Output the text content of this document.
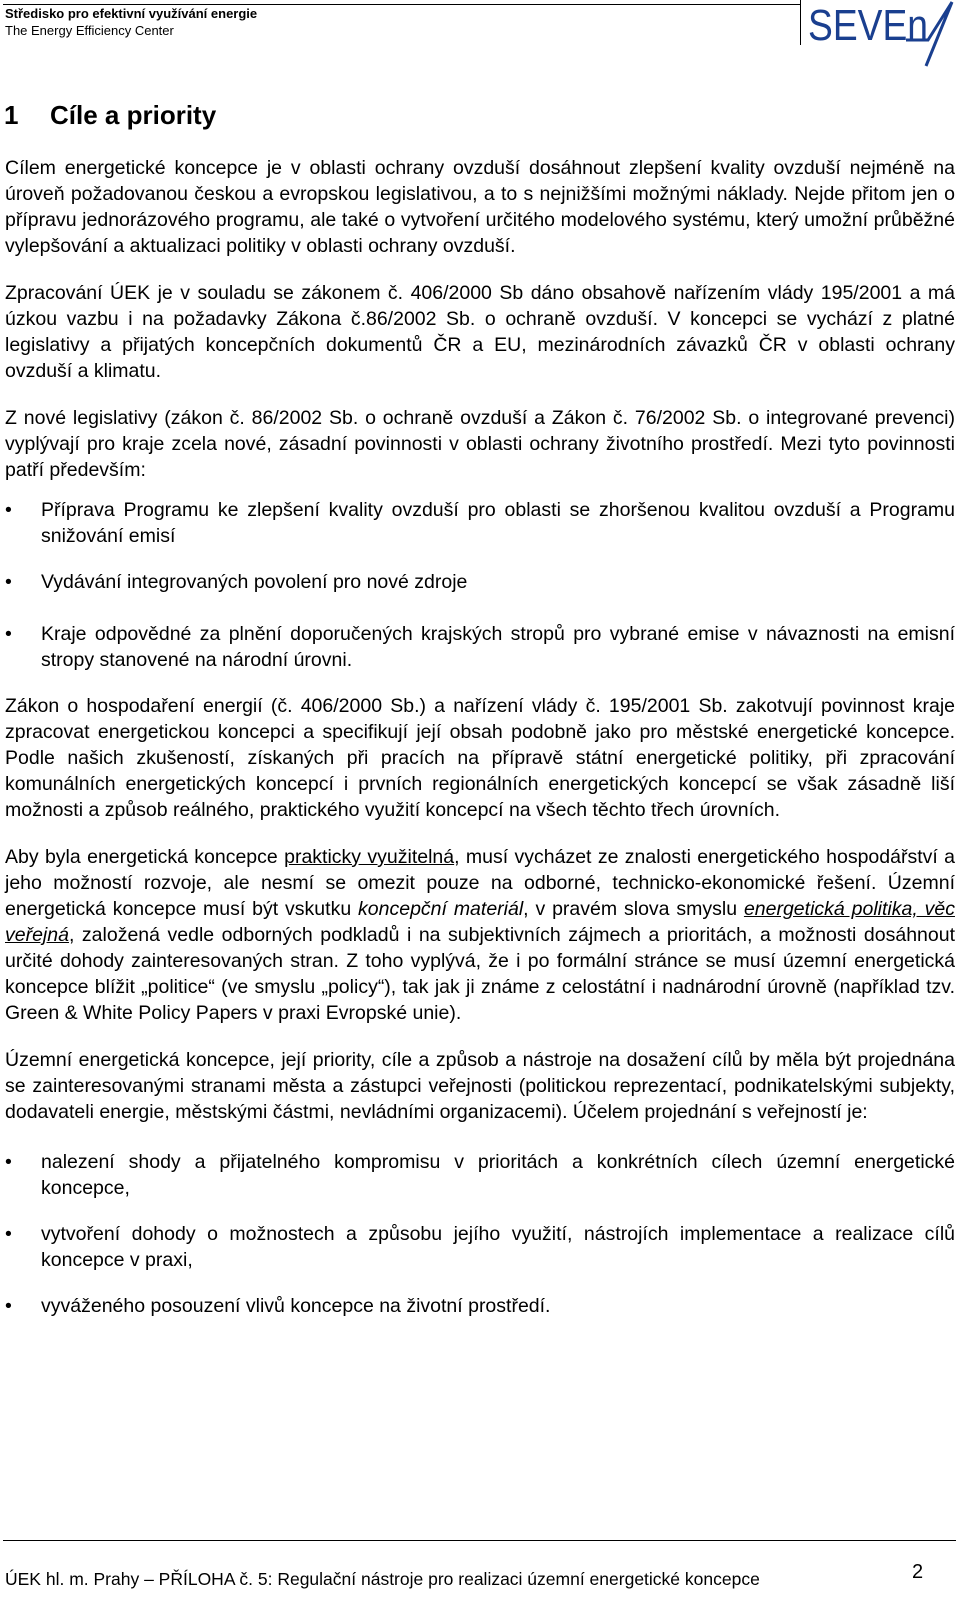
Středisko pro efektivní využívání energie
The Energy Efficiency Center	SEVEn
1 Cíle a priority

Cílem energetické koncepce je v oblasti ochrany ovzduší dosáhnout zlepšení kvality ovzduší nejméně na úroveň požadovanou českou a evropskou legislativou, a to s nejnižšími možnými náklady. Nejde přitom jen o přípravu jednorázového programu, ale také o vytvoření určitého modelového systému, který umožní průběžné vylepšování a aktualizaci politiky v oblasti ochrany ovzduší.

Zpracování ÚEK je v souladu se zákonem č. 406/2000 Sb dáno obsahově nařízením vlády 195/2001 a má úzkou vazbu i na požadavky Zákona č.86/2002 Sb. o ochraně ovzduší. V koncepci se vychází z platné legislativy a přijatých koncepčních dokumentů ČR a EU, mezinárodních závazků ČR v oblasti ochrany ovzduší a klimatu.

Z nové legislativy (zákon č. 86/2002 Sb. o ochraně ovzduší a Zákon č. 76/2002 Sb. o integrované prevenci) vyplývají pro kraje zcela nové, zásadní povinnosti v oblasti ochrany životního prostředí. Mezi tyto povinnosti patří především:

• Příprava Programu ke zlepšení kvality ovzduší pro oblasti se zhoršenou kvalitou ovzduší a Programu snižování emisí
• Vydávání integrovaných povolení pro nové zdroje
• Kraje odpovědné za plnění doporučených krajských stropů pro vybrané emise v návaznosti na emisní stropy stanovené na národní úrovni.

Zákon o hospodaření energií (č. 406/2000 Sb.) a nařízení vlády č. 195/2001 Sb. zakotvují povinnost kraje zpracovat energetickou koncepci a specifikují její obsah podobně jako pro městské energetické koncepce. Podle našich zkušeností, získaných při pracích na přípravě státní energetické politiky, při zpracování komunálních energetických koncepcí i prvních regionálních energetických koncepcí se však zásadně liší možnosti a způsob reálného, praktického využití koncepcí na všech těchto třech úrovních.

Aby byla energetická koncepce prakticky využitelná, musí vycházet ze znalosti energetického hospodářství a jeho možností rozvoje, ale nesmí se omezit pouze na odborné, technicko-ekonomické řešení. Územní energetická koncepce musí být vskutku koncepční materiál, v pravém slova smyslu energetická politika, věc veřejná, založená vedle odborných podkladů i na subjektivních zájmech a prioritách, a možnosti dosáhnout určité dohody zainteresovaných stran. Z toho vyplývá, že i po formální stránce se musí územní energetická koncepce blížit „politice“ (ve smyslu „policy“), tak jak ji známe z celostátní i nadnárodní úrovně (například tzv. Green & White Policy Papers v praxi Evropské unie).

Územní energetická koncepce, její priority, cíle a způsob a nástroje na dosažení cílů by měla být projednána se zainteresovanými stranami města a zástupci veřejnosti (politickou reprezentací, podnikatelskými subjekty, dodavateli energie, městskými částmi, nevládními organizacemi). Účelem projednání s veřejností je:

• nalezení shody a přijatelného kompromisu v prioritách a konkrétních cílech územní energetické koncepce,
• vytvoření dohody o možnostech a způsobu jejího využití, nástrojích implementace a realizace cílů koncepce v praxi,
• vyváženého posouzení vlivů koncepce na životní prostředí.
ÚEK hl. m. Prahy – PŘÍLOHA č. 5: Regulační nástroje pro realizaci územní energetické koncepce	2
